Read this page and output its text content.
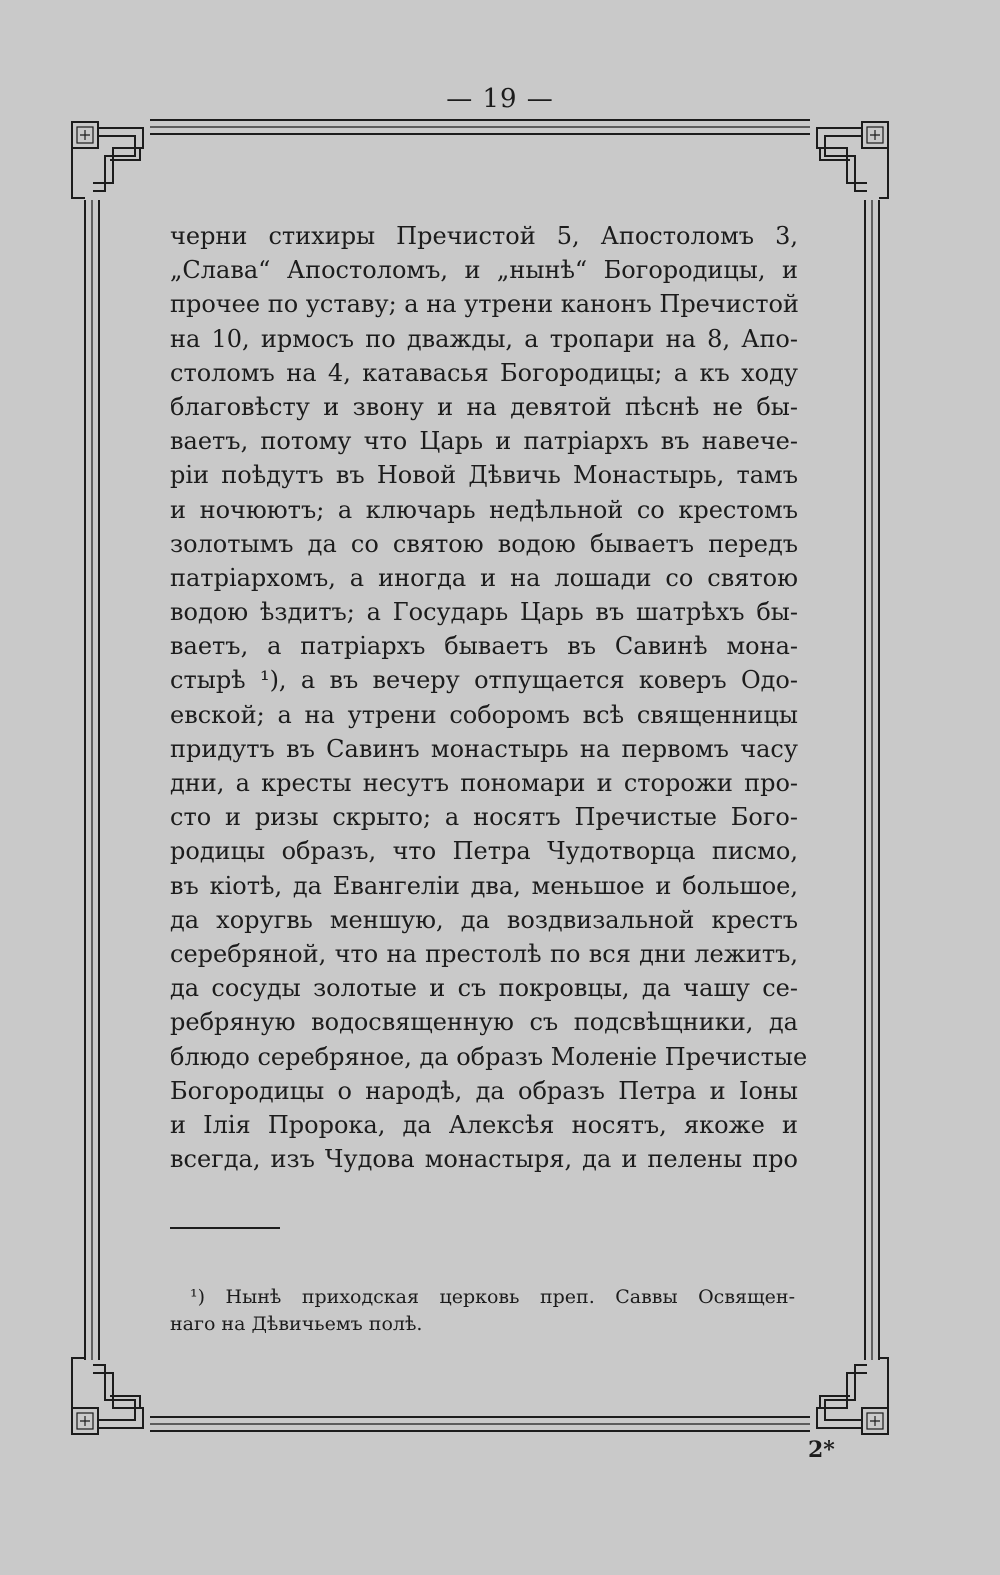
— 19 —
черни стихиры Пречистой 5, Апостоломъ 3,
„Слава“ Апостоломъ, и „нынѣ“ Богородицы, и
прочее по уставу; а на утрени канонъ Пречистой
на 10, ирмосъ по дважды, а тропари на 8, Апо-
столомъ на 4, катавасья Богородицы; а къ ходу
благовѣсту и звону и на девятой пѣснѣ не бы-
ваетъ, потому что Царь и патріархъ въ навече-
ріи поѣдутъ въ Новой Дѣвичь Монастырь, тамъ
и ночюютъ; а ключарь недѣльной со крестомъ
золотымъ да со святою водою бываетъ передъ
патріархомъ, а иногда и на лошади со святою
водою ѣздитъ; а Государь Царь въ шатрѣхъ бы-
ваетъ, а патріархъ бываетъ въ Савинѣ мона-
стырѣ ¹), а въ вечеру отпущается коверъ Одо-
евской; а на утрени соборомъ всѣ священницы
придутъ въ Савинъ монастырь на первомъ часу
дни, а кресты несутъ пономари и сторожи про-
сто и ризы скрыто; а носятъ Пречистые Бого-
родицы образъ, что Петра Чудотворца писмо,
въ кіотѣ, да Евангеліи два, меньшое и большое,
да хоругвь меншую, да воздвизальной крестъ
серебряной, что на престолѣ по вся дни лежитъ,
да сосуды золотые и съ покровцы, да чашу се-
ребряную водосвященную съ подсвѣщники, да
блюдо серебряное, да образъ Моленіе Пречистые
Богородицы о народѣ, да образъ Петра и Іоны
и Ілія Пророка, да Алексѣя носятъ, якоже и
всегда, изъ Чудова монастыря, да и пелены про
¹) Нынѣ приходская церковь преп. Саввы Освящен-
наго на Дѣвичьемъ полѣ.
2*
